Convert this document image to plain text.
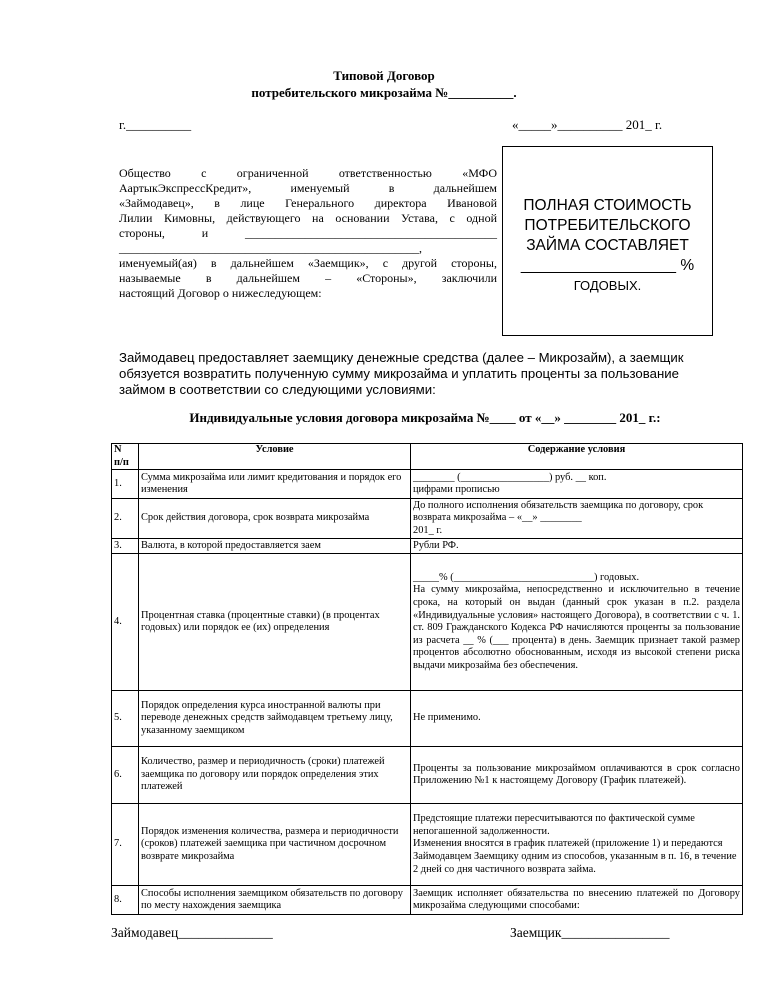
Типовой Договор
потребительского микрозайма №__________.
г.__________	«_____»__________ 201_ г.

Общество с ограниченной ответственностью «МФО

АартыкЭкспрессКредит», именуемый в дальнейшем

«Займодавец», в лице Генерального директора Ивановой

Лилии Кимовны, действующего на основании Устава, с одной

стороны, и __________________________________________

__________________________________________________,

именуемый(ая) в дальнейшем «Заемщик», с другой стороны,

называемые в дальнейшем – «Стороны», заключили

настоящий Договор о нижеследующем:

ПОЛНАЯ СТОИМОСТЬ
ПОТРЕБИТЕЛЬСКОГО
ЗАЙМА СОСТАВЛЯЕТ
__________________ %
ГОДОВЫХ.
Займодавец предоставляет заемщику денежные средства (далее – Микрозайм), а заемщик
обязуется возвратить полученную сумму микрозайма и уплатить проценты за пользование
займом в соответствии со следующими условиями:
Индивидуальные условия договора микрозайма №____ от «__» ________ 201_ г.:
N
п/п	Условие	Содержание условия
1.	Сумма микрозайма или лимит кредитования и порядок его изменения	________ (_________________) руб. __ коп.
цифрами прописью
2.	Срок действия договора, срок возврата микрозайма	До полного исполнения обязательств заемщика по договору, срок возврата микрозайма – «__» ________
201_ г.
3.	Валюта, в которой предоставляется заем	Рубли РФ.
4.	Процентная ставка (процентные ставки) (в процентах годовых) или порядок ее (их) определения	_____% (___________________________) годовых.
На сумму микрозайма, непосредственно и исключительно в течение срока, на который он выдан (данный срок указан в п.2. раздела «Индивидуальные условия» настоящего Договора), в соответствии с ч. 1. ст. 809 Гражданского Кодекса РФ начисляются проценты за пользование из расчета __ % (___ процента) в день. Заемщик признает такой размер процентов абсолютно обоснованным, исходя из высокой степени риска выдачи микрозайма без обеспечения.
5.	Порядок определения курса иностранной валюты при переводе денежных средств займодавцем третьему лицу, указанному заемщиком	Не применимо.
6.	Количество, размер и периодичность (сроки) платежей заемщика по договору или порядок определения этих платежей	Проценты за пользование микрозаймом оплачиваются в срок согласно Приложению №1 к настоящему Договору (График платежей).
7.	Порядок изменения количества, размера и периодичности (сроков) платежей заемщика при частичном досрочном возврате микрозайма	Предстоящие платежи пересчитываются по фактической сумме непогашенной задолженности.
Изменения вносятся в график платежей (приложение 1) и передаются Займодавцем Заемщику одним из способов, указанным в п. 16, в течение 2 дней со дня частичного возврата займа.
8.	Способы исполнения заемщиком обязательств по договору по месту нахождения заемщика	Заемщик исполняет обязательства по внесению платежей по Договору микрозайма следующими способами:
Займодавец______________	Заемщик________________
